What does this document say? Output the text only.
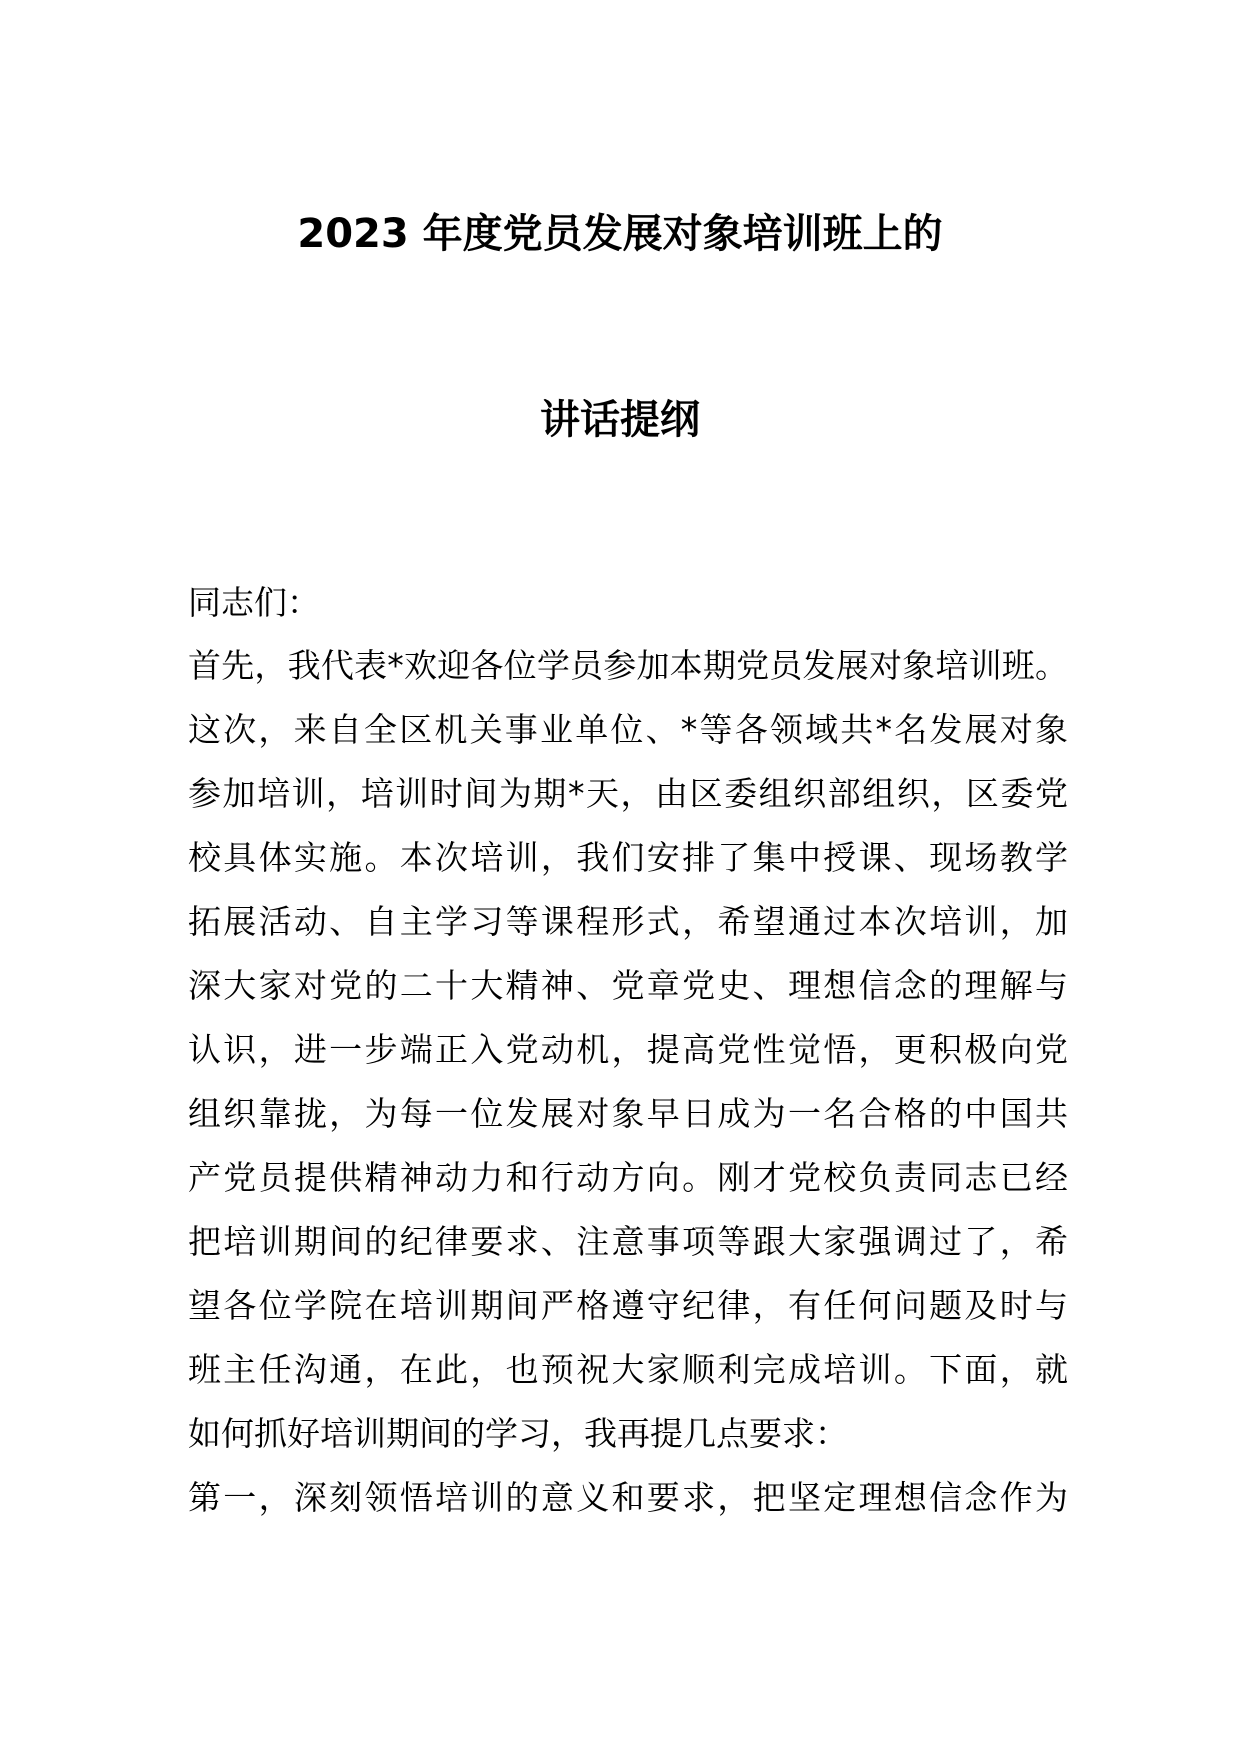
2023 年度党员发展对象培训班上的
讲话提纲
同志们：
首先，我代表*欢迎各位学员参加本期党员发展对象培训班。
这次，来自全区机关事业单位、*等各领域共*名发展对象
参加培训，培训时间为期*天，由区委组织部组织，区委党
校具体实施。本次培训，我们安排了集中授课、现场教学
拓展活动、自主学习等课程形式，希望通过本次培训，加
深大家对党的二十大精神、党章党史、理想信念的理解与
认识，进一步端正入党动机，提高党性觉悟，更积极向党
组织靠拢，为每一位发展对象早日成为一名合格的中国共
产党员提供精神动力和行动方向。刚才党校负责同志已经
把培训期间的纪律要求、注意事项等跟大家强调过了，希
望各位学院在培训期间严格遵守纪律，有任何问题及时与
班主任沟通，在此，也预祝大家顺利完成培训。下面，就
如何抓好培训期间的学习，我再提几点要求：
第一，深刻领悟培训的意义和要求，把坚定理想信念作为
